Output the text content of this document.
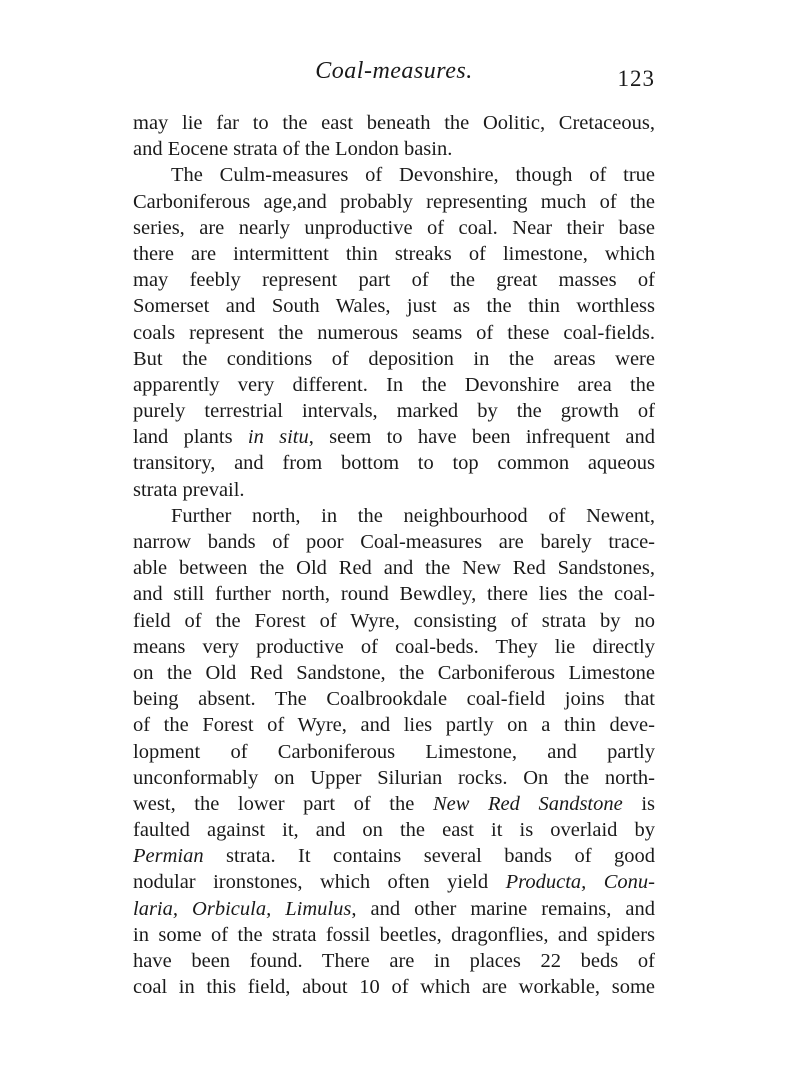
Coal-measures.	123
may lie far to the east beneath the Oolitic, Cretaceous,
and Eocene strata of the London basin.
The Culm-measures of Devonshire, though of true
Carboniferous age,and probably representing much of the
series, are nearly unproductive of coal. Near their base
there are intermittent thin streaks of limestone, which
may feebly represent part of the great masses of
Somerset and South Wales, just as the thin worthless
coals represent the numerous seams of these coal-fields.
But the conditions of deposition in the areas were
apparently very different. In the Devonshire area the
purely terrestrial intervals, marked by the growth of
land plants in situ, seem to have been infrequent and
transitory, and from bottom to top common aqueous
strata prevail.
Further north, in the neighbourhood of Newent,
narrow bands of poor Coal-measures are barely trace-
able between the Old Red and the New Red Sandstones,
and still further north, round Bewdley, there lies the coal-
field of the Forest of Wyre, consisting of strata by no
means very productive of coal-beds. They lie directly
on the Old Red Sandstone, the Carboniferous Limestone
being absent. The Coalbrookdale coal-field joins that
of the Forest of Wyre, and lies partly on a thin deve-
lopment of Carboniferous Limestone, and partly
unconformably on Upper Silurian rocks. On the north-
west, the lower part of the New Red Sandstone is
faulted against it, and on the east it is overlaid by
Permian strata. It contains several bands of good
nodular ironstones, which often yield Producta, Conu-
laria, Orbicula, Limulus, and other marine remains, and
in some of the strata fossil beetles, dragonflies, and spiders
have been found. There are in places 22 beds of
coal in this field, about 10 of which are workable, some
